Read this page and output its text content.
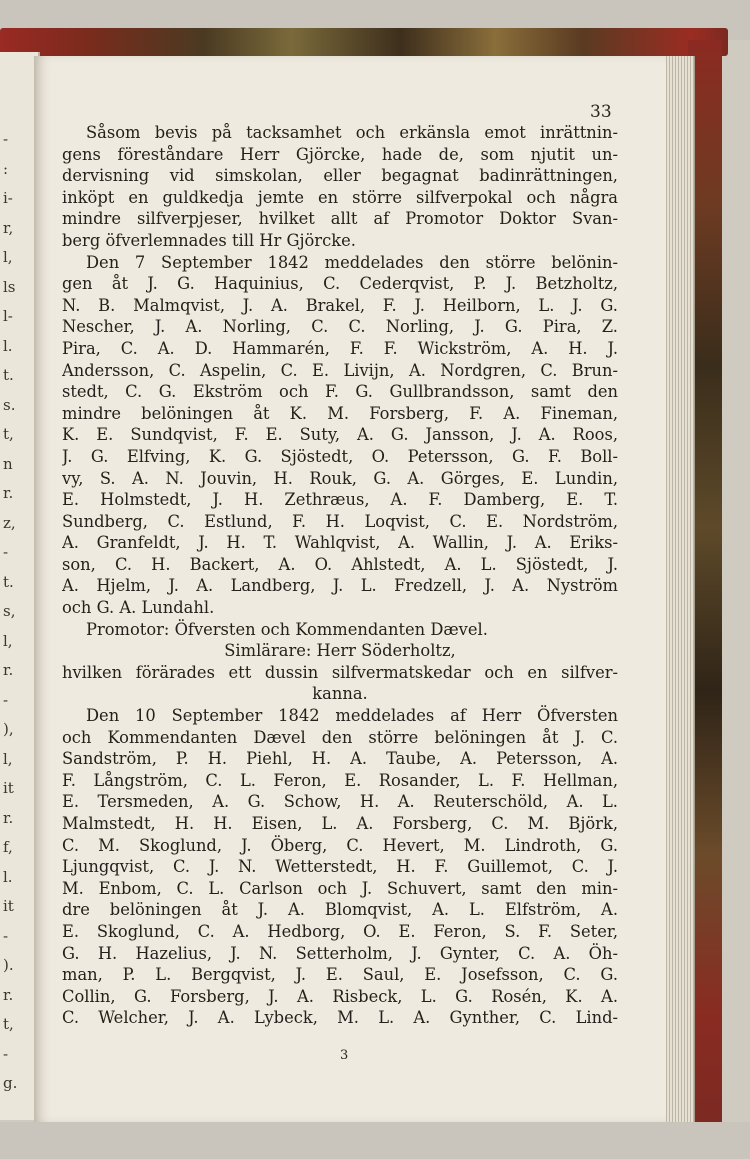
-
:
i-
r,
l,
ls
l-
l.
t.
s.
t,
n
r.
z,
-
t.
s,
l,
r.
-
),
l,
it
r.
f,
l.
it
-
).
r.
t,
-
g.
33
Såsom bevis på tacksamhet och erkänsla emot inrättnin-
gens föreståndare Herr Gjörcke, hade de, som njutit un-
dervisning vid simskolan, eller begagnat badinrättningen,
inköpt en guldkedja jemte en större silfverpokal och några
mindre silfverpjeser, hvilket allt af Promotor Doktor Svan-
berg öfverlemnades till Hr Gjörcke.
Den 7 September 1842 meddelades den större belönin-
gen åt J. G. Haquinius, C. Cederqvist, P. J. Betzholtz,
N. B. Malmqvist, J. A. Brakel, F. J. Heilborn, L. J. G.
Nescher, J. A. Norling, C. C. Norling, J. G. Pira, Z.
Pira, C. A. D. Hammarén, F. F. Wickström, A. H. J.
Andersson, C. Aspelin, C. E. Livijn, A. Nordgren, C. Brun-
stedt, C. G. Ekström och F. G. Gullbrandsson, samt den
mindre belöningen åt K. M. Forsberg, F. A. Fineman,
K. E. Sundqvist, F. E. Suty, A. G. Jansson, J. A. Roos,
J. G. Elfving, K. G. Sjöstedt, O. Petersson, G. F. Boll-
vy, S. A. N. Jouvin, H. Rouk, G. A. Görges, E. Lundin,
E. Holmstedt, J. H. Zethræus, A. F. Damberg, E. T.
Sundberg, C. Estlund, F. H. Loqvist, C. E. Nordström,
A. Granfeldt, J. H. T. Wahlqvist, A. Wallin, J. A. Eriks-
son, C. H. Backert, A. O. Ahlstedt, A. L. Sjöstedt, J.
A. Hjelm, J. A. Landberg, J. L. Fredzell, J. A. Nyström
och G. A. Lundahl.
Promotor: Öfversten och Kommendanten Dævel.
Simlärare: Herr Söderholtz,
hvilken förärades ett dussin silfvermatskedar och en silfver-
kanna.
Den 10 September 1842 meddelades af Herr Öfversten
och Kommendanten Dævel den större belöningen åt J. C.
Sandström, P. H. Piehl, H. A. Taube, A. Petersson, A.
F. Långström, C. L. Feron, E. Rosander, L. F. Hellman,
E. Tersmeden, A. G. Schow, H. A. Reuterschöld, A. L.
Malmstedt, H. H. Eisen, L. A. Forsberg, C. M. Björk,
C. M. Skoglund, J. Öberg, C. Hevert, M. Lindroth, G.
Ljungqvist, C. J. N. Wetterstedt, H. F. Guillemot, C. J.
M. Enbom, C. L. Carlson och J. Schuvert, samt den min-
dre belöningen åt J. A. Blomqvist, A. L. Elfström, A.
E. Skoglund, C. A. Hedborg, O. E. Feron, S. F. Seter,
G. H. Hazelius, J. N. Setterholm, J. Gynter, C. A. Öh-
man, P. L. Bergqvist, J. E. Saul, E. Josefsson, C. G.
Collin, G. Forsberg, J. A. Risbeck, L. G. Rosén, K. A.
C. Welcher, J. A. Lybeck, M. L. A. Gynther, C. Lind-
3
